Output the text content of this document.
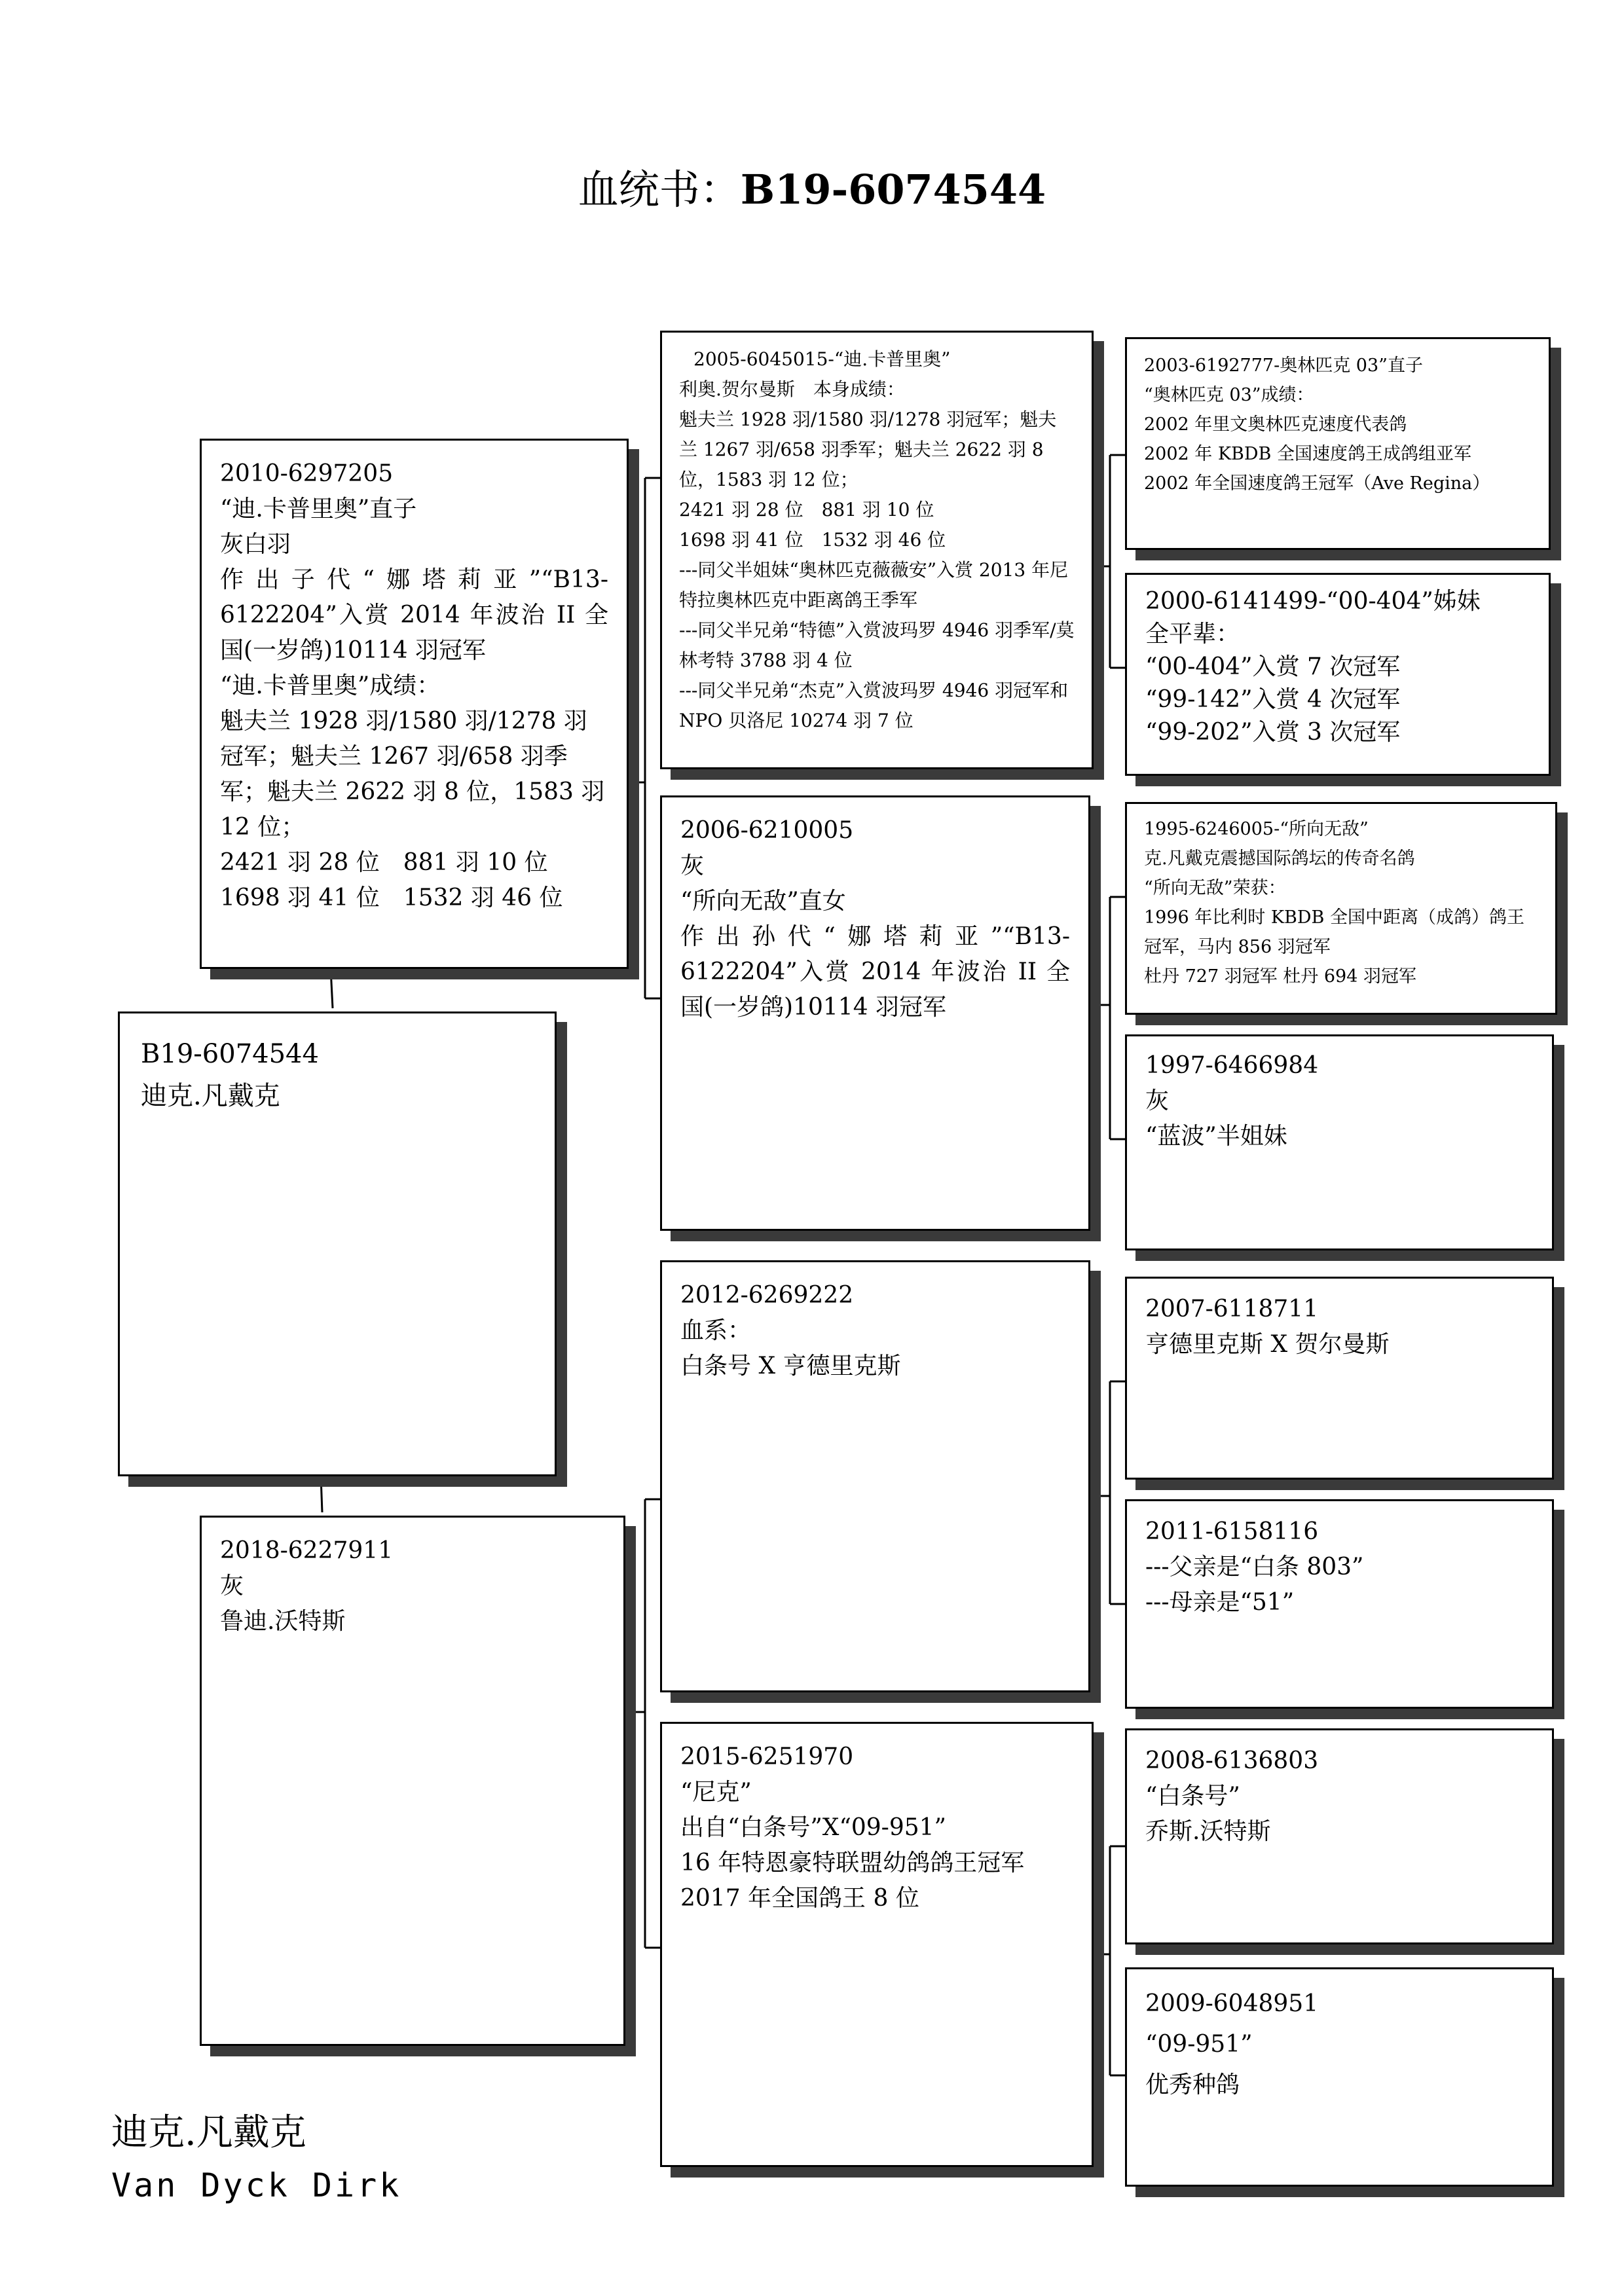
血统书：B19-6074544
2010-6297205
“迪.卡普里奥”直子
灰白羽
作出子代“娜塔莉亚”“B13-6122204”入赏 2014 年波治 II 全国(一岁鸽)10114 羽冠军
“迪.卡普里奥”成绩：
魁夫兰 1928 羽/1580 羽/1278 羽冠军；魁夫兰 1267 羽/658 羽季军；魁夫兰 2622 羽 8 位，1583 羽 12 位；
2421 羽 28 位　881 羽 10 位
1698 羽 41 位　1532 羽 46 位
B19-6074544
迪克.凡戴克
2018-6227911
灰
鲁迪.沃特斯
2005-6045015-“迪.卡普里奥”
利奥.贺尔曼斯　本身成绩：
魁夫兰 1928 羽/1580 羽/1278 羽冠军；魁夫兰 1267 羽/658 羽季军；魁夫兰 2622 羽 8 位，1583 羽 12 位；
2421 羽 28 位　881 羽 10 位
1698 羽 41 位　1532 羽 46 位
---同父半姐妹“奥林匹克薇薇安”入赏 2013 年尼特拉奥林匹克中距离鸽王季军
---同父半兄弟“特德”入赏波玛罗 4946 羽季军/莫林考特 3788 羽 4 位
---同父半兄弟“杰克”入赏波玛罗 4946 羽冠军和 NPO 贝洛尼 10274 羽 7 位
2006-6210005
灰
“所向无敌”直女
作出孙代“娜塔莉亚”“B13-6122204”入赏 2014 年波治 II 全国(一岁鸽)10114 羽冠军
2012-6269222
血系：
白条号 X 亨德里克斯
2015-6251970
“尼克”
出自“白条号”X“09-951”
16 年特恩豪特联盟幼鸽鸽王冠军
2017 年全国鸽王 8 位
2003-6192777-奥林匹克 03”直子
“奥林匹克 03”成绩：
2002 年里文奥林匹克速度代表鸽
2002 年 KBDB 全国速度鸽王成鸽组亚军
2002 年全国速度鸽王冠军（Ave Regina）
2000-6141499-“00-404”姊妹
全平辈：
“00-404”入赏 7 次冠军
“99-142”入赏 4 次冠军
“99-202”入赏 3 次冠军
1995-6246005-“所向无敌”
克.凡戴克震撼国际鸽坛的传奇名鸽
“所向无敌”荣获：
1996 年比利时 KBDB 全国中距离（成鸽）鸽王冠军，马内 856 羽冠军
杜丹 727 羽冠军 杜丹 694 羽冠军
1997-6466984
灰
“蓝波”半姐妹
2007-6118711
亨德里克斯 X 贺尔曼斯
2011-6158116
---父亲是“白条 803”
---母亲是“51”
2008-6136803
“白条号”
乔斯.沃特斯
2009-6048951
“09-951”
优秀种鸽
迪克.凡戴克
Van Dyck Dirk
